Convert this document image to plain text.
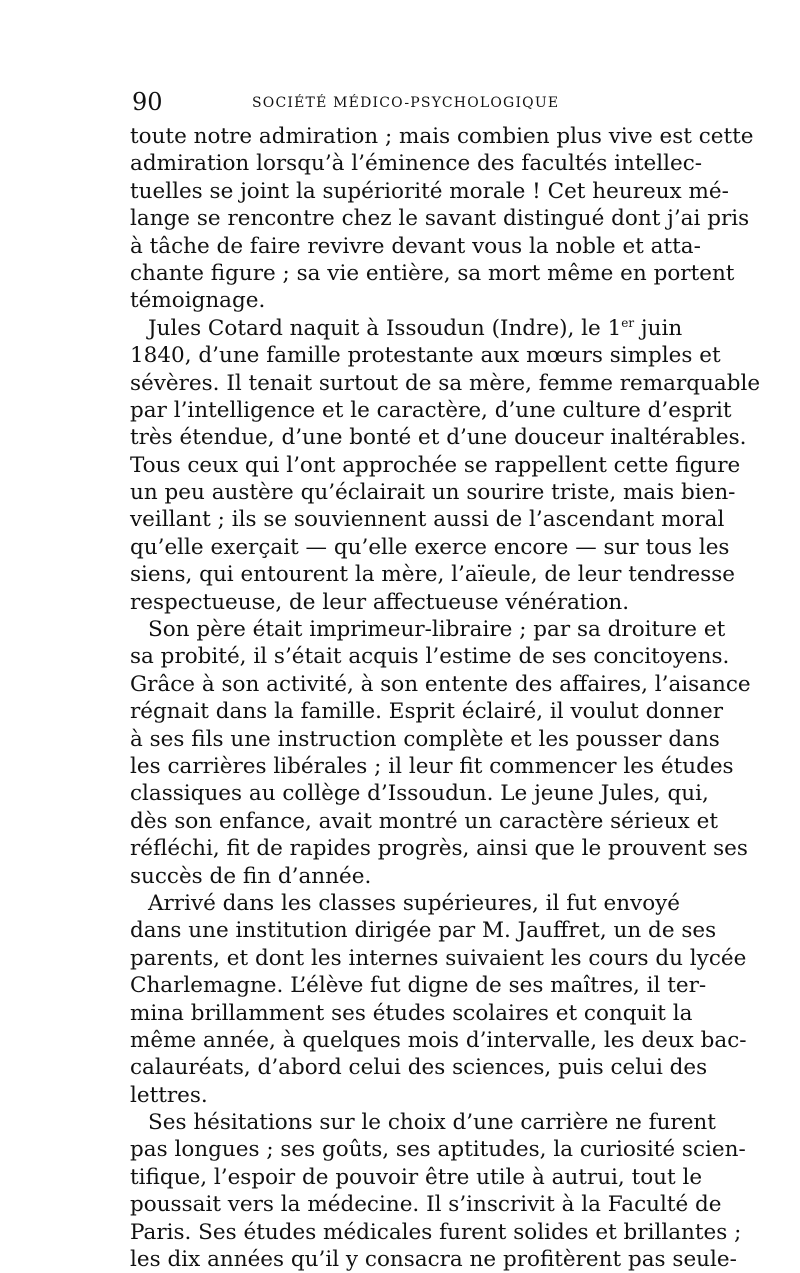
90	SOCIÉTÉ MÉDICO-PSYCHOLOGIQUE
toute notre admiration ; mais combien plus vive est cette
admiration lorsqu’à l’éminence des facultés intellec-
tuelles se joint la supériorité morale ! Cet heureux mé-
lange se rencontre chez le savant distingué dont j’ai pris
à tâche de faire revivre devant vous la noble et atta-
chante figure ; sa vie entière, sa mort même en portent
témoignage.
Jules Cotard naquit à Issoudun (Indre), le 1er juin
1840, d’une famille protestante aux mœurs simples et
sévères. Il tenait surtout de sa mère, femme remarquable
par l’intelligence et le caractère, d’une culture d’esprit
très étendue, d’une bonté et d’une douceur inaltérables.
Tous ceux qui l’ont approchée se rappellent cette figure
un peu austère qu’éclairait un sourire triste, mais bien-
veillant ; ils se souviennent aussi de l’ascendant moral
qu’elle exerçait — qu’elle exerce encore — sur tous les
siens, qui entourent la mère, l’aïeule, de leur tendresse
respectueuse, de leur affectueuse vénération.
Son père était imprimeur-libraire ; par sa droiture et
sa probité, il s’était acquis l’estime de ses concitoyens.
Grâce à son activité, à son entente des affaires, l’aisance
régnait dans la famille. Esprit éclairé, il voulut donner
à ses fils une instruction complète et les pousser dans
les carrières libérales ; il leur fit commencer les études
classiques au collège d’Issoudun. Le jeune Jules, qui,
dès son enfance, avait montré un caractère sérieux et
réfléchi, fit de rapides progrès, ainsi que le prouvent ses
succès de fin d’année.
Arrivé dans les classes supérieures, il fut envoyé
dans une institution dirigée par M. Jauffret, un de ses
parents, et dont les internes suivaient les cours du lycée
Charlemagne. L’élève fut digne de ses maîtres, il ter-
mina brillamment ses études scolaires et conquit la
même année, à quelques mois d’intervalle, les deux bac-
calauréats, d’abord celui des sciences, puis celui des
lettres.
Ses hésitations sur le choix d’une carrière ne furent
pas longues ; ses goûts, ses aptitudes, la curiosité scien-
tifique, l’espoir de pouvoir être utile à autrui, tout le
poussait vers la médecine. Il s’inscrivit à la Faculté de
Paris. Ses études médicales furent solides et brillantes ;
les dix années qu’il y consacra ne profitèrent pas seule-
